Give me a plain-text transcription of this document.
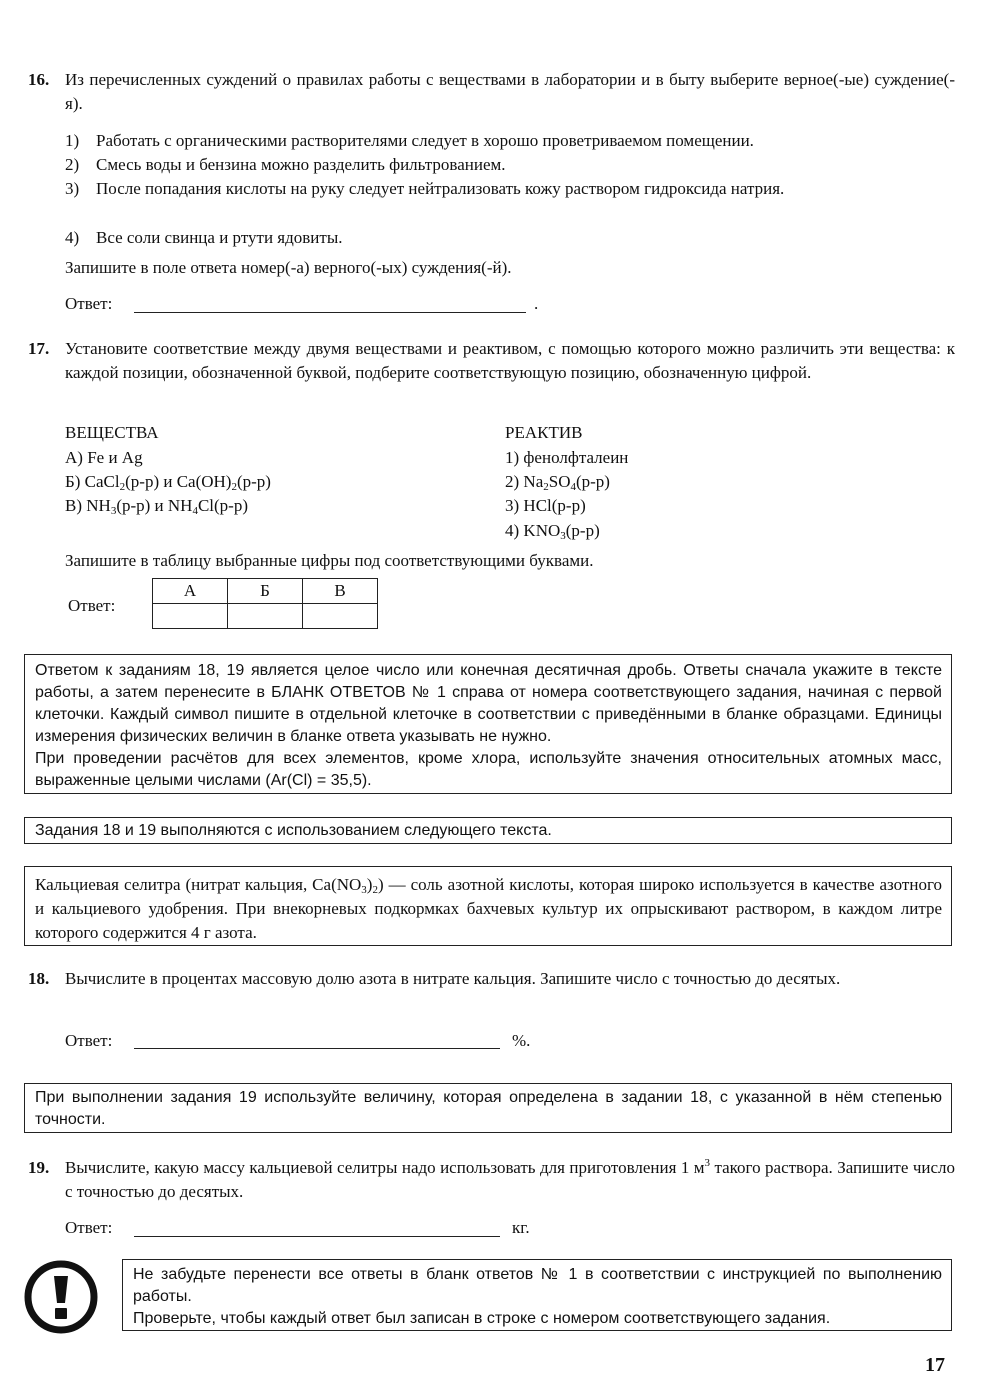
16. Из перечисленных суждений о правилах работы с веществами в лаборатории и в быту выберите верное(-ые) суждение(-я).
1) Работать с органическими растворителями следует в хорошо проветриваемом помещении.
2) Смесь воды и бензина можно разделить фильтрованием.
3) После попадания кислоты на руку следует нейтрализовать кожу раствором гидроксида натрия.
4) Все соли свинца и ртути ядовиты.
Запишите в поле ответа номер(-а) верного(-ых) суждения(-й).
Ответ:	.
17. Установите соответствие между двумя веществами и реактивом, с помощью которого можно различить эти вещества: к каждой позиции, обозначенной буквой, подберите соответствующую позицию, обозначенную цифрой.
ВЕЩЕСТВА
А) Fe и Ag
Б) CaCl$_2$(р-р) и $Ca(OH)_2(р-р)$
В) $NH_3(р-р)$ и $NH_4Cl(р-р)$
РЕАКТИВ
1) фенолфталеин
2) $Na_2SO_4(р-р)$
3) HCl(р-р)
4) $KNO_3(р-р)$
Запишите в таблицу выбранные цифры под соответствующими буквами.
Ответ:
А	Б	В

Ответом к заданиям 18, 19 является целое число или конечная десятичная дробь. Ответы сначала укажите в тексте работы, а затем перенесите в БЛАНК ОТВЕТОВ № 1 справа от номера соответствующего задания, начиная с первой клеточки. Каждый символ пишите в отдельной клеточке в соответствии с приведёнными в бланке образцами. Единицы измерения физических величин в бланке ответа указывать не нужно.
При проведении расчётов для всех элементов, кроме хлора, используйте значения относительных атомных масс, выраженные целыми числами (Ar(Cl) = 35,5).
Задания 18 и 19 выполняются с использованием следующего текста.
Кальциевая селитра (нитрат кальция, $Ca(NO_3)_2$) — соль азотной кислоты, которая широко используется в качестве азотного и кальциевого удобрения. При внекорневых подкормках бахчевых культур их опрыскивают раствором, в каждом литре которого содержится 4 г азота.
18. Вычислите в процентах массовую долю азота в нитрате кальция. Запишите число с точностью до десятых.
Ответ:	%.
При выполнении задания 19 используйте величину, которая определена в задании 18, с указанной в нём степенью точности.
19. Вычислите, какую массу кальциевой селитры надо использовать для приготовления 1 $м^3$ такого раствора. Запишите число с точностью до десятых.
Ответ:	кг.
Не забудьте перенести все ответы в бланк ответов № 1 в соответствии с инструкцией по выполнению работы.
Проверьте, чтобы каждый ответ был записан в строке с номером соответствующего задания.
17
